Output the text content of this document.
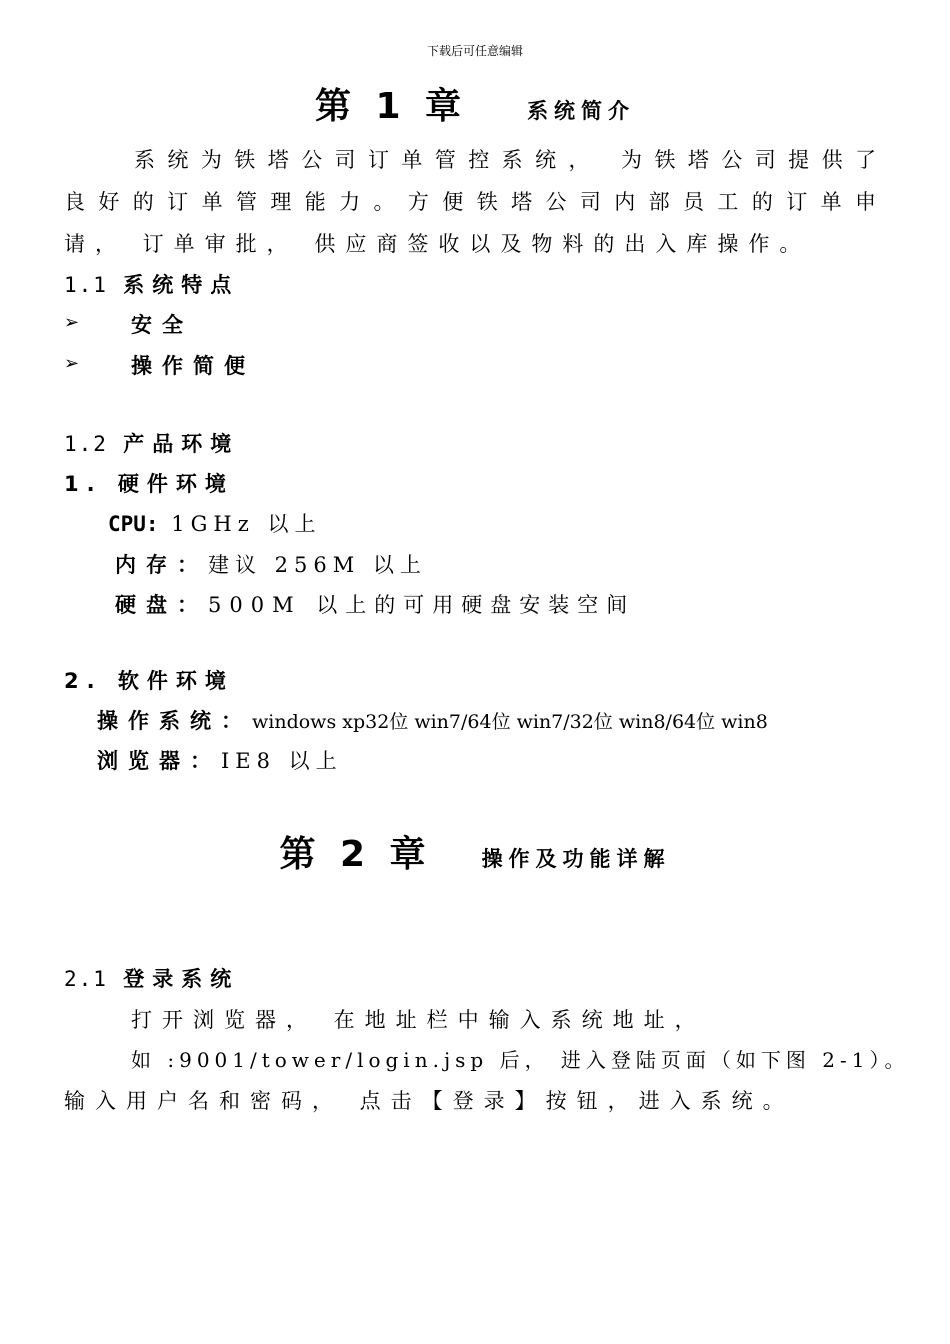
下载后可任意编辑
第 1 章	系统简介
系统为铁塔公司订单管控系统， 为铁塔公司提供了
良好的订单管理能力。方便铁塔公司内部员工的订单申
请， 订单审批， 供应商签收以及物料的出入库操作。
1.1 系统特点
➢ 安全
➢ 操作简便
1.2 产品环境
1. 硬件环境
CPU: 1GHz 以上
内存：建议 256M 以上
硬盘：500M 以上的可用硬盘安装空间
2. 软件环境
操作系统：windows xp32位 win7/64位 win7/32位 win8/64位 win8
浏览器：IE8 以上
第 2 章 操作及功能详解
2.1 登录系统
打开浏览器， 在地址栏中输入系统地址，
如 :9001/tower/login.jsp 后， 进入登陆页面（如下图 2-1）。
输入用户名和密码， 点击【登录】按钮，进入系统。
